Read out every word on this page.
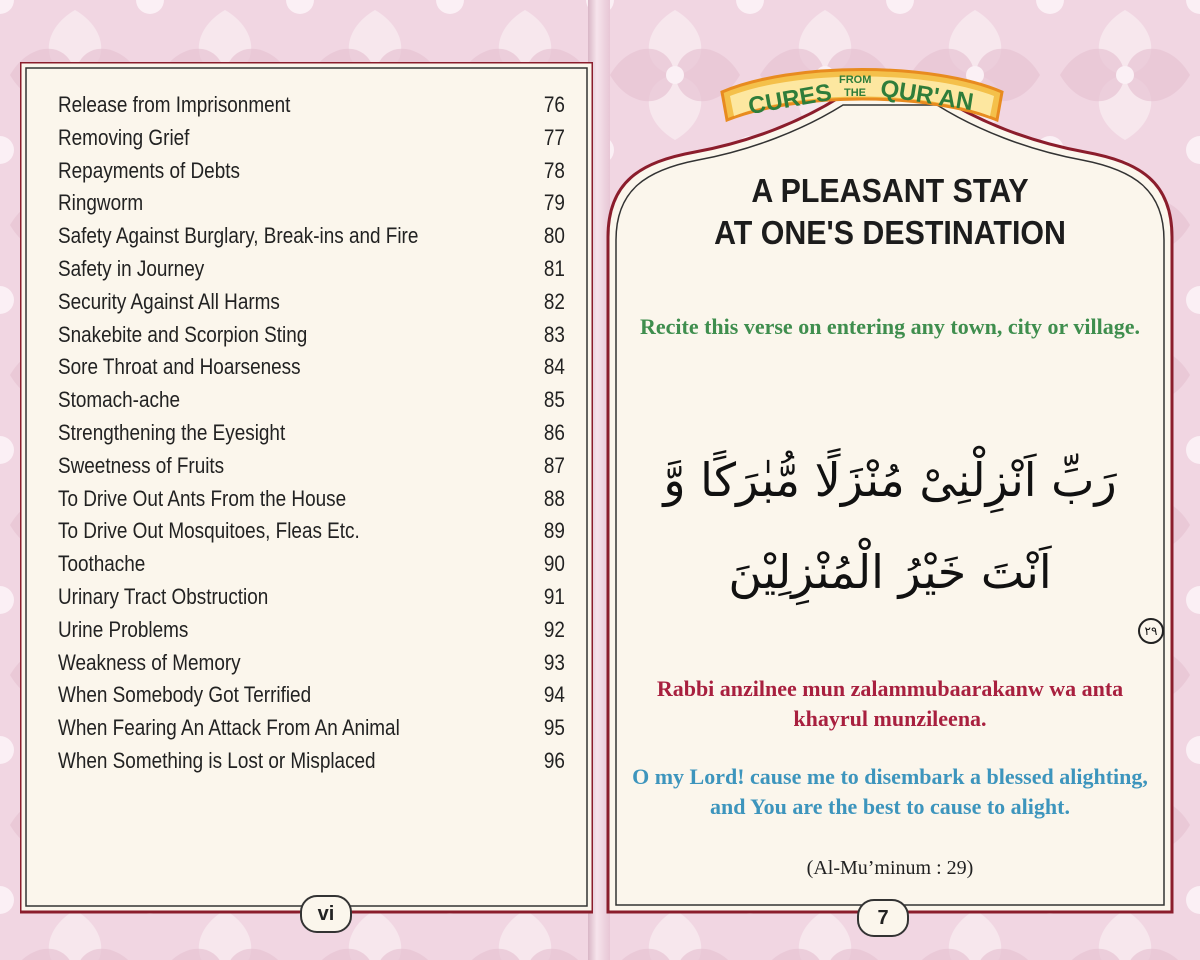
Release from Imprisonment	76
Removing Grief	77
Repayments of Debts	78
Ringworm	79
Safety Against Burglary, Break-ins and Fire	80
Safety in Journey	81
Security Against All Harms	82
Snakebite and Scorpion Sting	83
Sore Throat and Hoarseness	84
Stomach-ache	85
Strengthening the Eyesight	86
Sweetness of Fruits	87
To Drive Out Ants From the House	88
To Drive Out Mosquitoes, Fleas Etc.	89
Toothache	90
Urinary Tract Obstruction	91
Urine Problems	92
Weakness of Memory	93
When Somebody Got Terrified	94
When Fearing An Attack From An Animal	95
When Something is Lost or Misplaced	96
vi
CURES FROM
THE QUR'AN
A PLEASANT STAY
AT ONE'S DESTINATION
Recite this verse on entering any town, city or village.
رَبِّ اَنْزِلْنِىْ مُنْزَلًا مُّبٰرَكًا وَّ
اَنْتَ خَيْرُ الْمُنْزِلِيْنَ
٢٩
Rabbi anzilnee mun zalammubaarakanw wa anta khayrul munzileena.
O my Lord! cause me to disembark a blessed alighting, and You are the best to cause to alight.
(Al-Mu’minum : 29)
7
